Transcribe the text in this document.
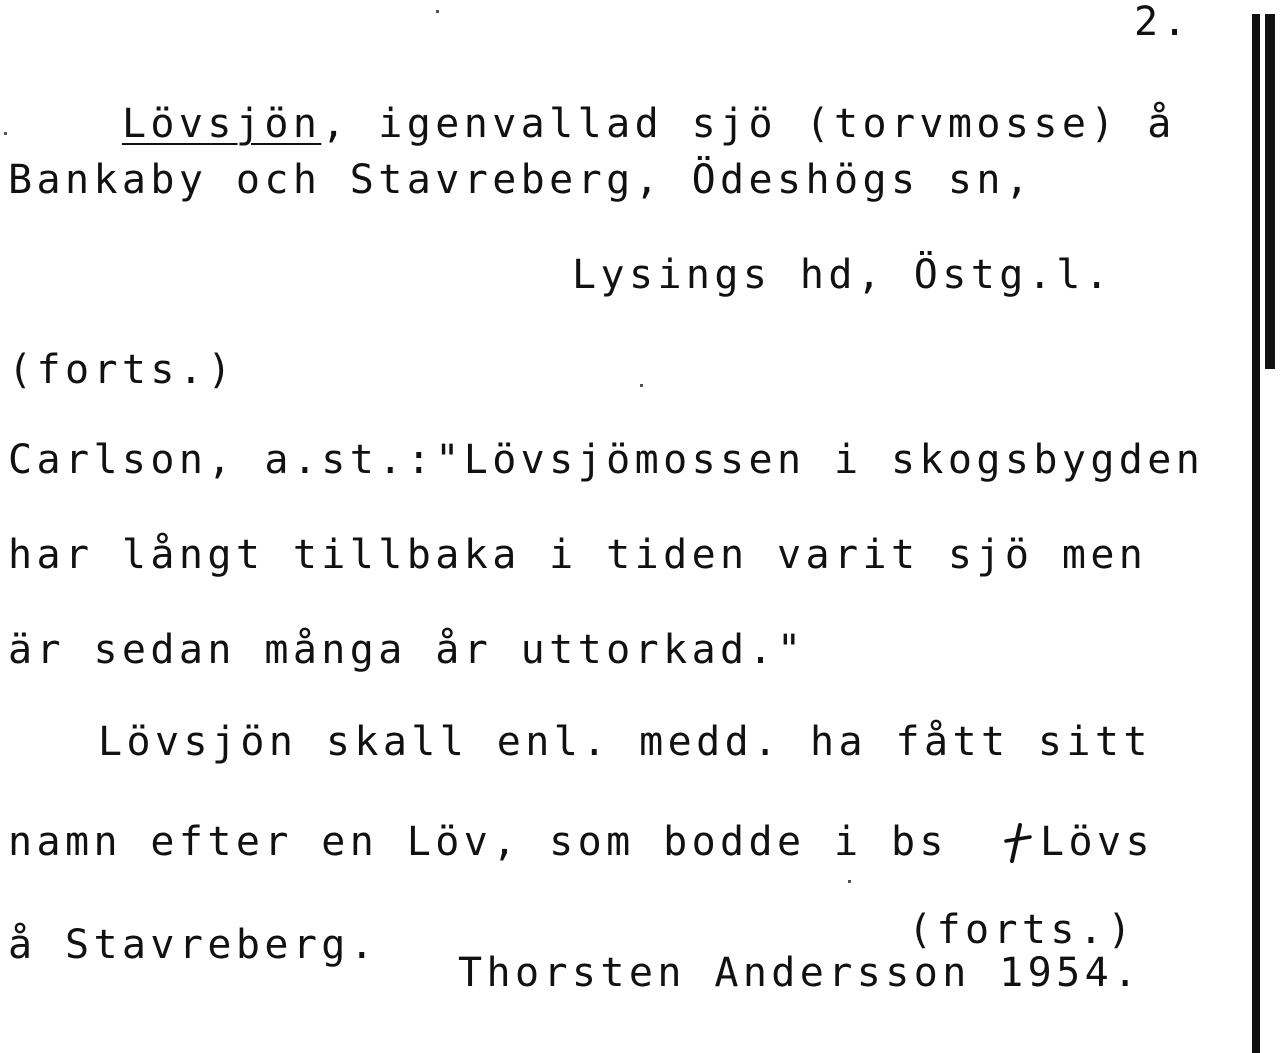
2.

Lövsjön, igenvallad sjö (torvmosse) å

Bankaby och Stavreberg, Ödeshögs sn,
Lysings hd, Östg.l.
(forts.)
Carlson, a.st.:"Lövsjömossen i skogsbygden
har långt tillbaka i tiden varit sjö men
är sedan många år uttorkad."
Lövsjön skall enl. medd. ha fått sitt
namn efter en Löv, som bodde i bs Lövs
å Stavreberg.	(forts.)
Thorsten Andersson 1954.
